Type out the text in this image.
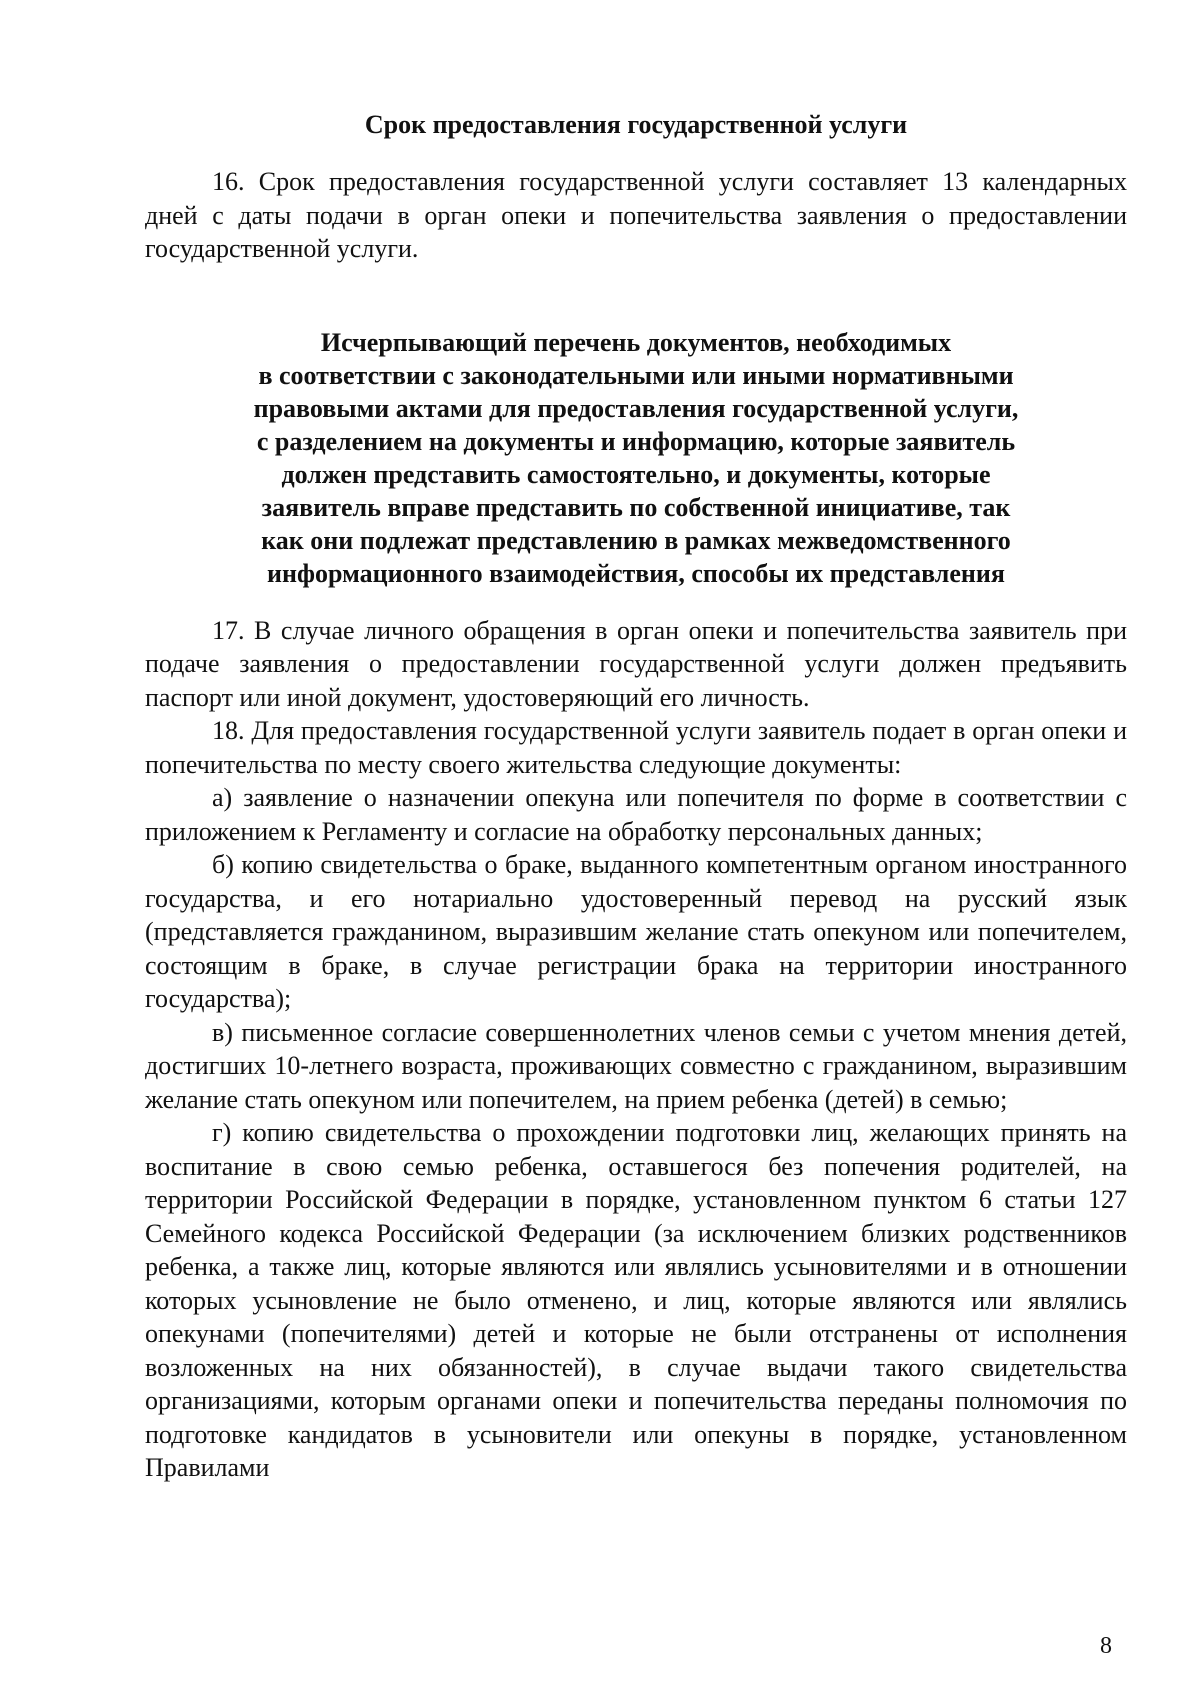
Срок предоставления государственной услуги

16. Срок предоставления государственной услуги составляет 13 календарных дней с даты подачи в орган опеки и попечительства заявления о предоставлении государственной услуги.

Исчерпывающий перечень документов, необходимых
в соответствии с законодательными или иными нормативными
правовыми актами для предоставления государственной услуги,
с разделением на документы и информацию, которые заявитель
должен представить самостоятельно, и документы, которые
заявитель вправе представить по собственной инициативе, так
как они подлежат представлению в рамках межведомственного
информационного взаимодействия, способы их представления

17. В случае личного обращения в орган опеки и попечительства заявитель при подаче заявления о предоставлении государственной услуги должен предъявить паспорт или иной документ, удостоверяющий его личность.

18. Для предоставления государственной услуги заявитель подает в орган опеки и попечительства по месту своего жительства следующие документы:

а) заявление о назначении опекуна или попечителя по форме в соответствии с приложением к Регламенту и согласие на обработку персональных данных;

б) копию свидетельства о браке, выданного компетентным органом иностранного государства, и его нотариально удостоверенный перевод на русский язык (представляется гражданином, выразившим желание стать опекуном или попечителем, состоящим в браке, в случае регистрации брака на территории иностранного государства);

в) письменное согласие совершеннолетних членов семьи с учетом мнения детей, достигших 10-летнего возраста, проживающих совместно с гражданином, выразившим желание стать опекуном или попечителем, на прием ребенка (детей) в семью;

г) копию свидетельства о прохождении подготовки лиц, желающих принять на воспитание в свою семью ребенка, оставшегося без попечения родителей, на территории Российской Федерации в порядке, установленном пунктом 6 статьи 127 Семейного кодекса Российской Федерации (за исключением близких родственников ребенка, а также лиц, которые являются или являлись усыновителями и в отношении которых усыновление не было отменено, и лиц, которые являются или являлись опекунами (попечителями) детей и которые не были отстранены от исполнения возложенных на них обязанностей), в случае выдачи такого свидетельства организациями, которым органами опеки и попечительства переданы полномочия по подготовке кандидатов в усыновители или опекуны в порядке, установленном Правилами

8
